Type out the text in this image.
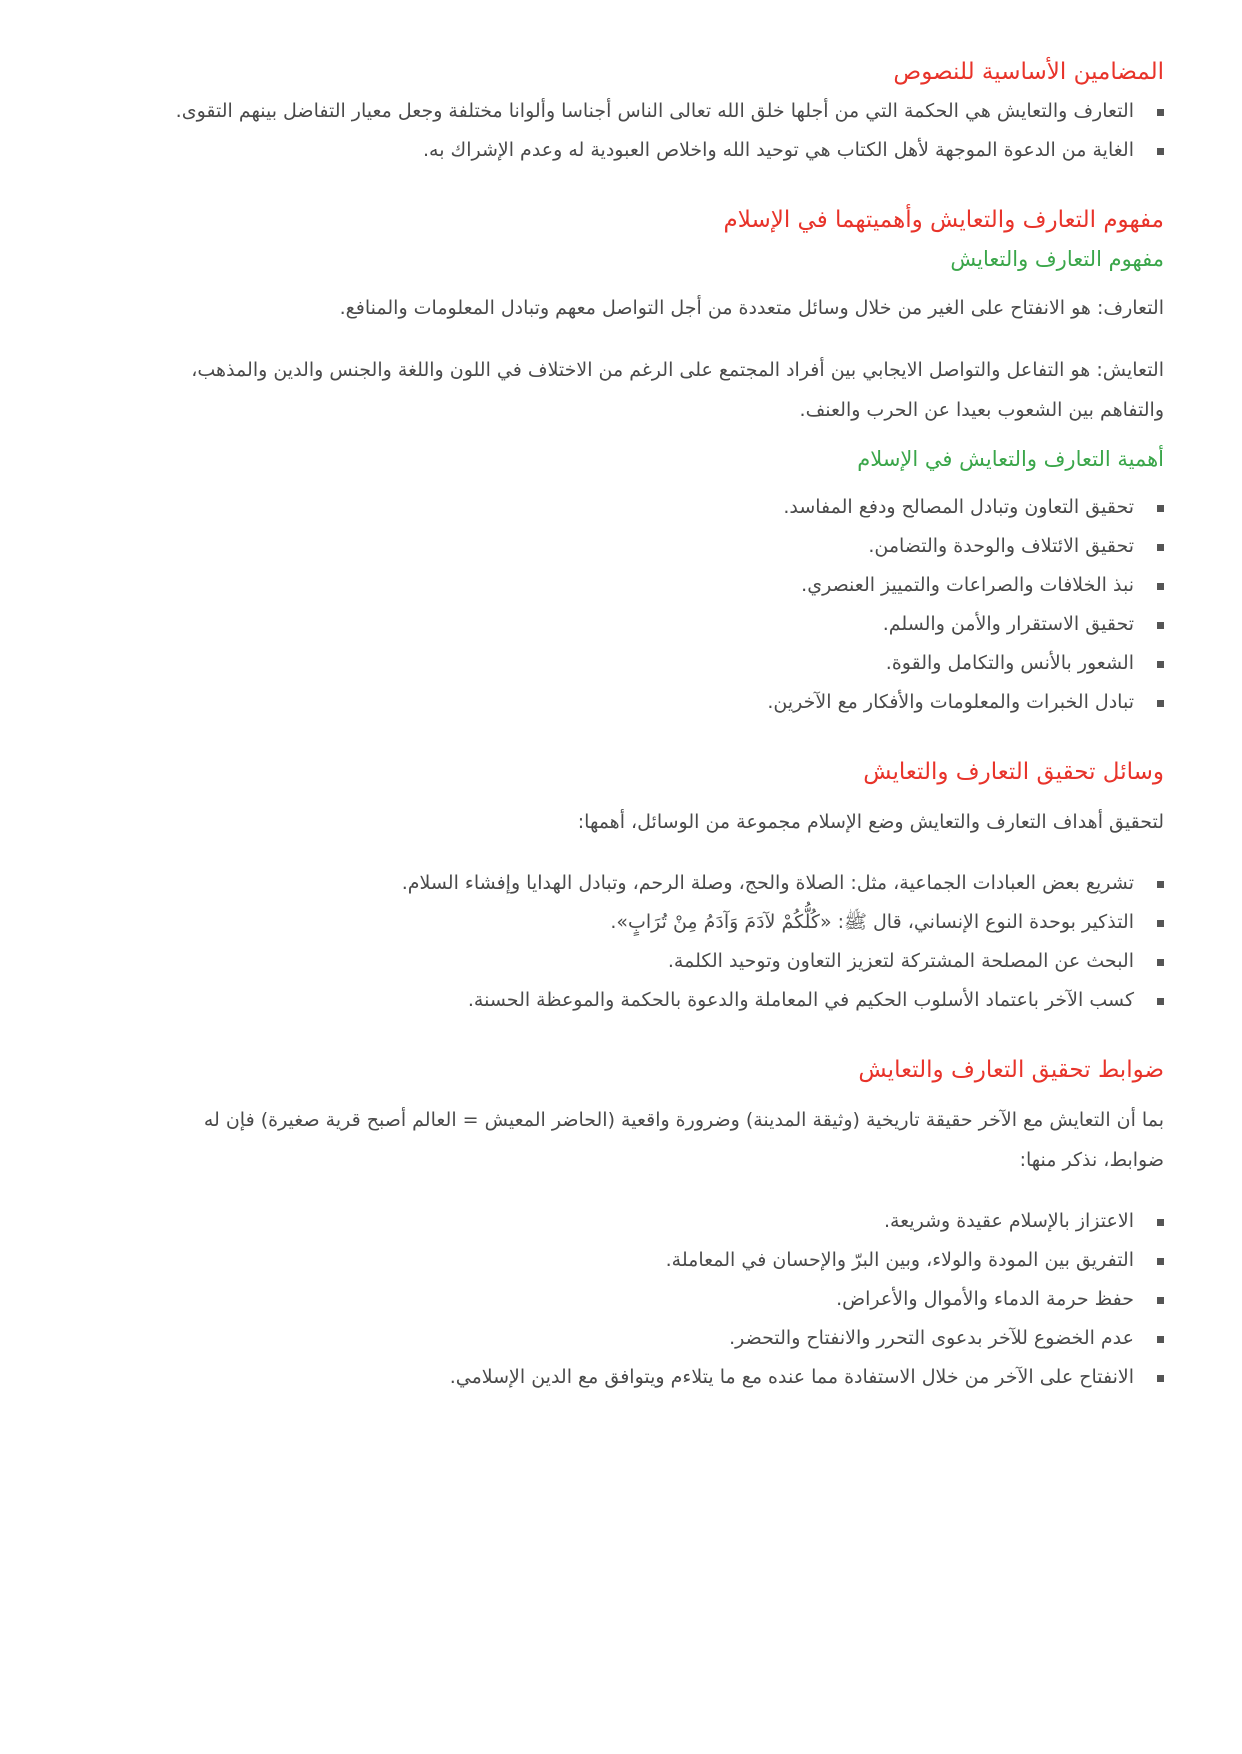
المضامين الأساسية للنصوص
التعارف والتعايش هي الحكمة التي من أجلها خلق الله تعالى الناس أجناسا وألوانا مختلفة وجعل معيار التفاضل بينهم التقوى.
الغاية من الدعوة الموجهة لأهل الكتاب هي توحيد الله واخلاص العبودية له وعدم الإشراك به.
مفهوم التعارف والتعايش وأهميتهما في الإسلام
مفهوم التعارف والتعايش

التعارف: هو الانفتاح على الغير من خلال وسائل متعددة من أجل التواصل معهم وتبادل المعلومات والمنافع.

التعايش: هو التفاعل والتواصل الايجابي بين أفراد المجتمع على الرغم من الاختلاف في اللون واللغة والجنس والدين والمذهب،

والتفاهم بين الشعوب بعيدا عن الحرب والعنف.

أهمية التعارف والتعايش في الإسلام
تحقيق التعاون وتبادل المصالح ودفع المفاسد.
تحقيق الائتلاف والوحدة والتضامن.
نبذ الخلافات والصراعات والتمييز العنصري.
تحقيق الاستقرار والأمن والسلم.
الشعور بالأنس والتكامل والقوة.
تبادل الخبرات والمعلومات والأفكار مع الآخرين.
وسائل تحقيق التعارف والتعايش

لتحقيق أهداف التعارف والتعايش وضع الإسلام مجموعة من الوسائل، أهمها:

تشريع بعض العبادات الجماعية، مثل: الصلاة والحج، وصلة الرحم، وتبادل الهدايا وإفشاء السلام.
التذكير بوحدة النوع الإنساني، قال ﷺ: «كُلُّكُمْ لآدَمَ وَآدَمُ مِنْ تُرَابٍ».
البحث عن المصلحة المشتركة لتعزيز التعاون وتوحيد الكلمة.
كسب الآخر باعتماد الأسلوب الحكيم في المعاملة والدعوة بالحكمة والموعظة الحسنة.
ضوابط تحقيق التعارف والتعايش

بما أن التعايش مع الآخر حقيقة تاريخية (وثيقة المدينة) وضرورة واقعية (الحاضر المعيش = العالم أصبح قرية صغيرة) فإن له

ضوابط، نذكر منها:

الاعتزاز بالإسلام عقيدة وشريعة.
التفريق بين المودة والولاء، وبين البرّ والإحسان في المعاملة.
حفظ حرمة الدماء والأموال والأعراض.
عدم الخضوع للآخر بدعوى التحرر والانفتاح والتحضر.
الانفتاح على الآخر من خلال الاستفادة مما عنده مع ما يتلاءم ويتوافق مع الدين الإسلامي.
